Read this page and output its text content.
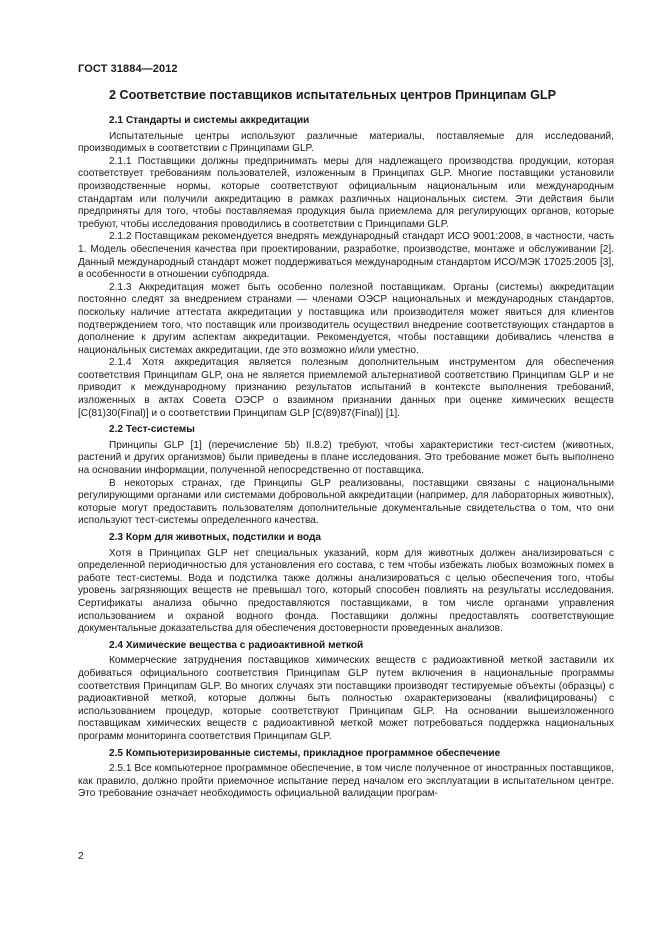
ГОСТ 31884—2012
2 Соответствие поставщиков испытательных центров Принципам GLP
2.1 Стандарты и системы аккредитации

Испытательные центры используют различные материалы, поставляемые для исследований, производимых в соответствии с Принципами GLP.

2.1.1 Поставщики должны предпринимать меры для надлежащего производства продукции, которая соответствует требованиям пользователей, изложенным в Принципах GLP. Многие поставщики установили производственные нормы, которые соответствуют официальным национальным или международным стандартам или получили аккредитацию в рамках различных национальных систем. Эти действия были предприняты для того, чтобы поставляемая продукция была приемлема для регулирующих органов, которые требуют, чтобы исследования проводились в соответствии с Принципами GLP.

2.1.2 Поставщикам рекомендуется внедрять международный стандарт ИСО 9001:2008, в частности, часть 1. Модель обеспечения качества при проектировании, разработке, производстве, монтаже и обслуживании [2]. Данный международный стандарт может поддерживаться международным стандартом ИСО/МЭК 17025:2005 [3], в особенности в отношении субподряда.

2.1.3 Аккредитация может быть особенно полезной поставщикам. Органы (системы) аккредитации постоянно следят за внедрением странами — членами ОЭСР национальных и международных стандартов, поскольку наличие аттестата аккредитации у поставщика или производителя может явиться для клиентов подтверждением того, что поставщик или производитель осуществил внедрение соответствующих стандартов в дополнение к другим аспектам аккредитации. Рекомендуется, чтобы поставщики добивались членства в национальных системах аккредитации, где это возможно и/или уместно.

2.1.4 Хотя аккредитация является полезным дополнительным инструментом для обеспечения соответствия Принципам GLP, она не является приемлемой альтернативой соответствию Принципам GLP и не приводит к международному признанию результатов испытаний в контексте выполнения требований, изложенных в актах Совета ОЭСР о взаимном признании данных при оценке химических веществ [C(81)30(Final)] и о соответствии Принципам GLP [C(89)87(Final)] [1].

2.2 Тест-системы

Принципы GLP [1] (перечисление 5b) II.8.2) требуют, чтобы характеристики тест-систем (животных, растений и других организмов) были приведены в плане исследования. Это требование может быть выполнено на основании информации, полученной непосредственно от поставщика.

В некоторых странах, где Принципы GLP реализованы, поставщики связаны с национальными регулирующими органами или системами добровольной аккредитации (например, для лабораторных животных), которые могут предоставить пользователям дополнительные документальные свидетельства о том, что они используют тест-системы определенного качества.

2.3 Корм для животных, подстилки и вода

Хотя в Принципах GLP нет специальных указаний, корм для животных должен анализироваться с определенной периодичностью для установления его состава, с тем чтобы избежать любых возможных помех в работе тест-системы. Вода и подстилка также должны анализироваться с целью обеспечения того, чтобы уровень загрязняющих веществ не превышал того, который способен повлиять на результаты исследования. Сертификаты анализа обычно предоставляются поставщиками, в том числе органами управления использованием и охраной водного фонда. Поставщики должны предоставлять соответствующие документальные доказательства для обеспечения достоверности проведенных анализов.

2.4 Химические вещества с радиоактивной меткой

Коммерческие затруднения поставщиков химических веществ с радиоактивной меткой заставили их добиваться официального соответствия Принципам GLP путем включения в национальные программы соответствия Принципам GLP. Во многих случаях эти поставщики производят тестируемые объекты (образцы) с радиоактивной меткой, которые должны быть полностью охарактеризованы (квалифицированы) с использованием процедур, которые соответствуют Принципам GLP. На основании вышеизложенного поставщикам химических веществ с радиоактивной меткой может потребоваться поддержка национальных программ мониторинга соответствия Принципам GLP.

2.5 Компьютеризированные системы, прикладное программное обеспечение

2.5.1 Все компьютерное программное обеспечение, в том числе полученное от иностранных поставщиков, как правило, должно пройти приемочное испытание перед началом его эксплуатации в испытательном центре. Это требование означает необходимость официальной валидации програм-

2
